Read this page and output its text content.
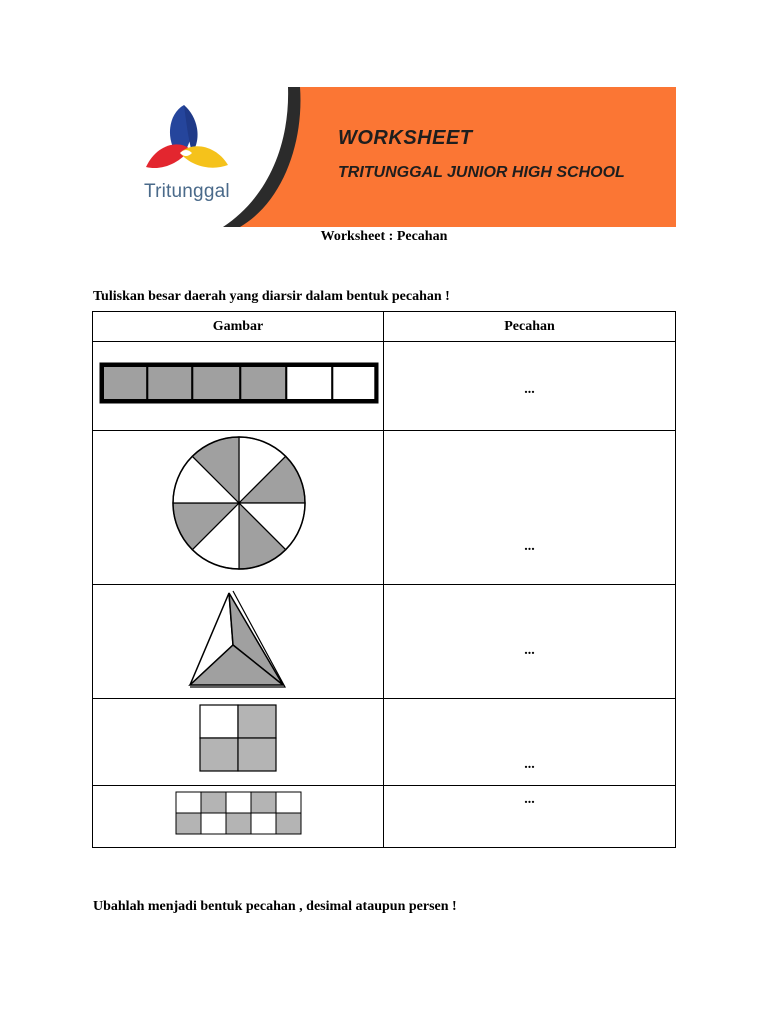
Tritunggal
WORKSHEET
TRITUNGGAL JUNIOR HIGH SCHOOL
Worksheet : Pecahan
Tuliskan besar daerah yang diarsir dalam bentuk pecahan !
Gambar	Pecahan

...

...

...

...

...
Ubahlah menjadi bentuk pecahan , desimal ataupun persen !
